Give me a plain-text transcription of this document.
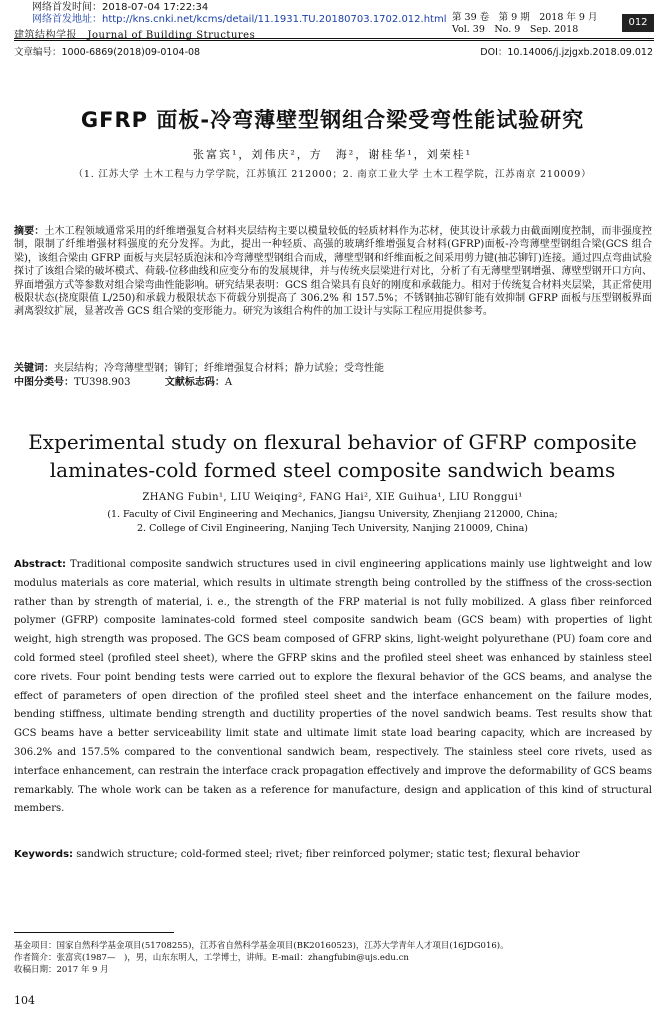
网络首发时间：2018-07-04 17:22:34
网络首发地址：http://kns.cnki.net/kcms/detail/11.1931.TU.20180703.1702.012.html
建筑结构学报　Journal of Building Structures
第 39 卷　第 9 期　2018 年 9 月
Vol. 39　No. 9　Sep. 2018
012
文章编号：1000-6869(2018)09-0104-08	DOI：10.14006/j.jzjgxb.2018.09.012
GFRP 面板-冷弯薄壁型钢组合梁受弯性能试验研究
张富宾¹，刘伟庆²，方　海²，谢桂华¹，刘荣桂¹
（1. 江苏大学 土木工程与力学学院，江苏镇江 212000；2. 南京工业大学 土木工程学院，江苏南京 210009）
摘要：土木工程领域通常采用的纤维增强复合材料夹层结构主要以模量较低的轻质材料作为芯材，使其设计承载力由截面刚度控制，而非强度控制，限制了纤维增强材料强度的充分发挥。为此，提出一种轻质、高强的玻璃纤维增强复合材料(GFRP)面板-冷弯薄壁型钢组合梁(GCS 组合梁)，该组合梁由 GFRP 面板与夹层轻质泡沫和冷弯薄壁型钢组合而成，薄壁型钢和纤维面板之间采用剪力键(抽芯铆钉)连接。通过四点弯曲试验探讨了该组合梁的破坏模式、荷载-位移曲线和应变分布的发展规律，并与传统夹层梁进行对比，分析了有无薄壁型钢增强、薄壁型钢开口方向、界面增强方式等参数对组合梁弯曲性能影响。研究结果表明：GCS 组合梁具有良好的刚度和承载能力。相对于传统复合材料夹层梁，其正常使用极限状态(挠度限值 L/250)和承载力极限状态下荷载分别提高了 306.2% 和 157.5%；不锈钢抽芯铆钉能有效抑制 GFRP 面板与压型钢板界面剥离裂纹扩展，显著改善 GCS 组合梁的变形能力。研究为该组合构件的加工设计与实际工程应用提供参考。
关键词：夹层结构；冷弯薄壁型钢；铆钉；纤维增强复合材料；静力试验；受弯性能
中图分类号：TU398.903	文献标志码：A
Experimental study on flexural behavior of GFRP composite
laminates-cold formed steel composite sandwich beams
ZHANG Fubin¹, LIU Weiqing², FANG Hai², XIE Guihua¹, LIU Ronggui¹
(1. Faculty of Civil Engineering and Mechanics, Jiangsu University, Zhenjiang 212000, China;
2. College of Civil Engineering, Nanjing Tech University, Nanjing 210009, China)
Abstract: Traditional composite sandwich structures used in civil engineering applications mainly use lightweight and low modulus materials as core material, which results in ultimate strength being controlled by the stiffness of the cross-section rather than by strength of material, i. e., the strength of the FRP material is not fully mobilized. A glass fiber reinforced polymer (GFRP) composite laminates-cold formed steel composite sandwich beam (GCS beam) with properties of light weight, high strength was proposed. The GCS beam composed of GFRP skins, light-weight polyurethane (PU) foam core and cold formed steel (profiled steel sheet), where the GFRP skins and the profiled steel sheet was enhanced by stainless steel core rivets. Four point bending tests were carried out to explore the flexural behavior of the GCS beams, and analyse the effect of parameters of open direction of the profiled steel sheet and the interface enhancement on the failure modes, bending stiffness, ultimate bending strength and ductility properties of the novel sandwich beams. Test results show that GCS beams have a better serviceability limit state and ultimate limit state load bearing capacity, which are increased by 306.2% and 157.5% compared to the conventional sandwich beam, respectively. The stainless steel core rivets, used as interface enhancement, can restrain the interface crack propagation effectively and improve the deformability of GCS beams remarkably. The whole work can be taken as a reference for manufacture, design and application of this kind of structural members.
Keywords: sandwich structure; cold-formed steel; rivet; fiber reinforced polymer; static test; flexural behavior
基金项目：国家自然科学基金项目(51708255)，江苏省自然科学基金项目(BK20160523)，江苏大学青年人才项目(16JDG016)。
作者简介：张富宾(1987—　)，男，山东东明人，工学博士，讲师。E-mail：zhangfubin@ujs.edu.cn
收稿日期：2017 年 9 月
104
